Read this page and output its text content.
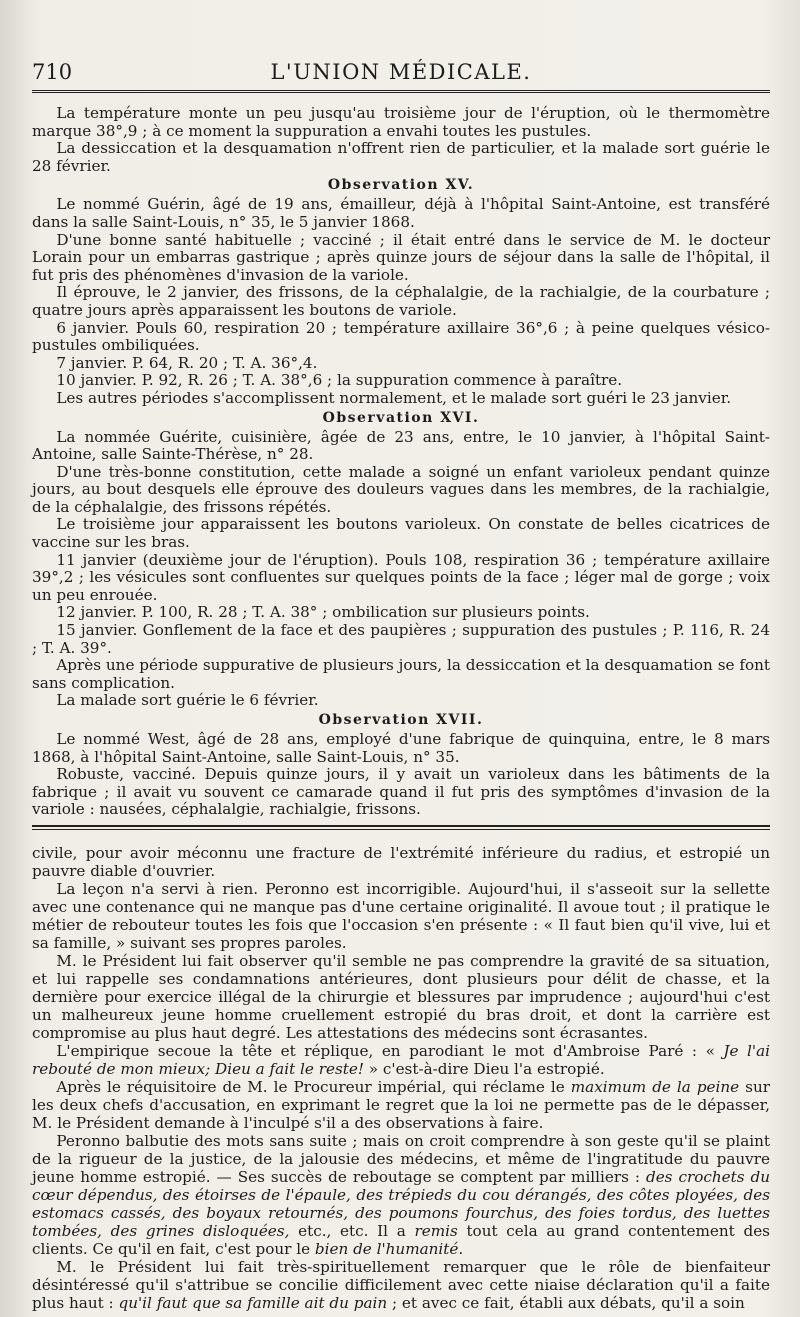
710	L'UNION MÉDICALE.

La température monte un peu jusqu'au troisième jour de l'éruption, où le thermomètre marque 38°,9 ; à ce moment la suppuration a envahi toutes les pustules.

La dessiccation et la desquamation n'offrent rien de particulier, et la malade sort guérie le 28 février.

Observation XV.

Le nommé Guérin, âgé de 19 ans, émailleur, déjà à l'hôpital Saint-Antoine, est transféré dans la salle Saint-Louis, n° 35, le 5 janvier 1868.

D'une bonne santé habituelle ; vacciné ; il était entré dans le service de M. le docteur Lorain pour un embarras gastrique ; après quinze jours de séjour dans la salle de l'hôpital, il fut pris des phénomènes d'invasion de la variole.

Il éprouve, le 2 janvier, des frissons, de la céphalalgie, de la rachialgie, de la courbature ; quatre jours après apparaissent les boutons de variole.

6 janvier. Pouls 60, respiration 20 ; température axillaire 36°,6 ; à peine quelques vésico-pustules ombiliquées.

7 janvier. P. 64, R. 20 ; T. A. 36°,4.

10 janvier. P. 92, R. 26 ; T. A. 38°,6 ; la suppuration commence à paraître.

Les autres périodes s'accomplissent normalement, et le malade sort guéri le 23 janvier.

Observation XVI.

La nommée Guérite, cuisinière, âgée de 23 ans, entre, le 10 janvier, à l'hôpital Saint-Antoine, salle Sainte-Thérèse, n° 28.

D'une très-bonne constitution, cette malade a soigné un enfant varioleux pendant quinze jours, au bout desquels elle éprouve des douleurs vagues dans les membres, de la rachialgie, de la céphalalgie, des frissons répétés.

Le troisième jour apparaissent les boutons varioleux. On constate de belles cicatrices de vaccine sur les bras.

11 janvier (deuxième jour de l'éruption). Pouls 108, respiration 36 ; température axillaire 39°,2 ; les vésicules sont confluentes sur quelques points de la face ; léger mal de gorge ; voix un peu enrouée.

12 janvier. P. 100, R. 28 ; T. A. 38° ; ombilication sur plusieurs points.

15 janvier. Gonflement de la face et des paupières ; suppuration des pustules ; P. 116, R. 24 ; T. A. 39°.

Après une période suppurative de plusieurs jours, la dessiccation et la desquamation se font sans complication.

La malade sort guérie le 6 février.

Observation XVII.

Le nommé West, âgé de 28 ans, employé d'une fabrique de quinquina, entre, le 8 mars 1868, à l'hôpital Saint-Antoine, salle Saint-Louis, n° 35.

Robuste, vacciné. Depuis quinze jours, il y avait un varioleux dans les bâtiments de la fabrique ; il avait vu souvent ce camarade quand il fut pris des symptômes d'invasion de la variole : nausées, céphalalgie, rachialgie, frissons.

civile, pour avoir méconnu une fracture de l'extrémité inférieure du radius, et estropié un pauvre diable d'ouvrier.

La leçon n'a servi à rien. Peronno est incorrigible. Aujourd'hui, il s'asseoit sur la sellette avec une contenance qui ne manque pas d'une certaine originalité. Il avoue tout ; il pratique le métier de rebouteur toutes les fois que l'occasion s'en présente : « Il faut bien qu'il vive, lui et sa famille, » suivant ses propres paroles.

M. le Président lui fait observer qu'il semble ne pas comprendre la gravité de sa situation, et lui rappelle ses condamnations antérieures, dont plusieurs pour délit de chasse, et la dernière pour exercice illégal de la chirurgie et blessures par imprudence ; aujourd'hui c'est un malheureux jeune homme cruellement estropié du bras droit, et dont la carrière est compromise au plus haut degré. Les attestations des médecins sont écrasantes.

L'empirique secoue la tête et réplique, en parodiant le mot d'Ambroise Paré : « Je l'ai rebouté de mon mieux; Dieu a fait le reste! » c'est-à-dire Dieu l'a estropié.

Après le réquisitoire de M. le Procureur impérial, qui réclame le maximum de la peine sur les deux chefs d'accusation, en exprimant le regret que la loi ne permette pas de le dépasser, M. le Président demande à l'inculpé s'il a des observations à faire.

Peronno balbutie des mots sans suite ; mais on croit comprendre à son geste qu'il se plaint de la rigueur de la justice, de la jalousie des médecins, et même de l'ingratitude du pauvre jeune homme estropié. — Ses succès de reboutage se comptent par milliers : des crochets du cœur dépendus, des étoirses de l'épaule, des trépieds du cou dérangés, des côtes ployées, des estomacs cassés, des boyaux retournés, des poumons fourchus, des foies tordus, des luettes tombées, des grines disloquées, etc., etc. Il a remis tout cela au grand contentement des clients. Ce qu'il en fait, c'est pour le bien de l'humanité.

M. le Président lui fait très-spirituellement remarquer que le rôle de bienfaiteur désintéressé qu'il s'attribue se concilie difficilement avec cette niaise déclaration qu'il a faite plus haut : qu'il faut que sa famille ait du pain ; et avec ce fait, établi aux débats, qu'il a soin
